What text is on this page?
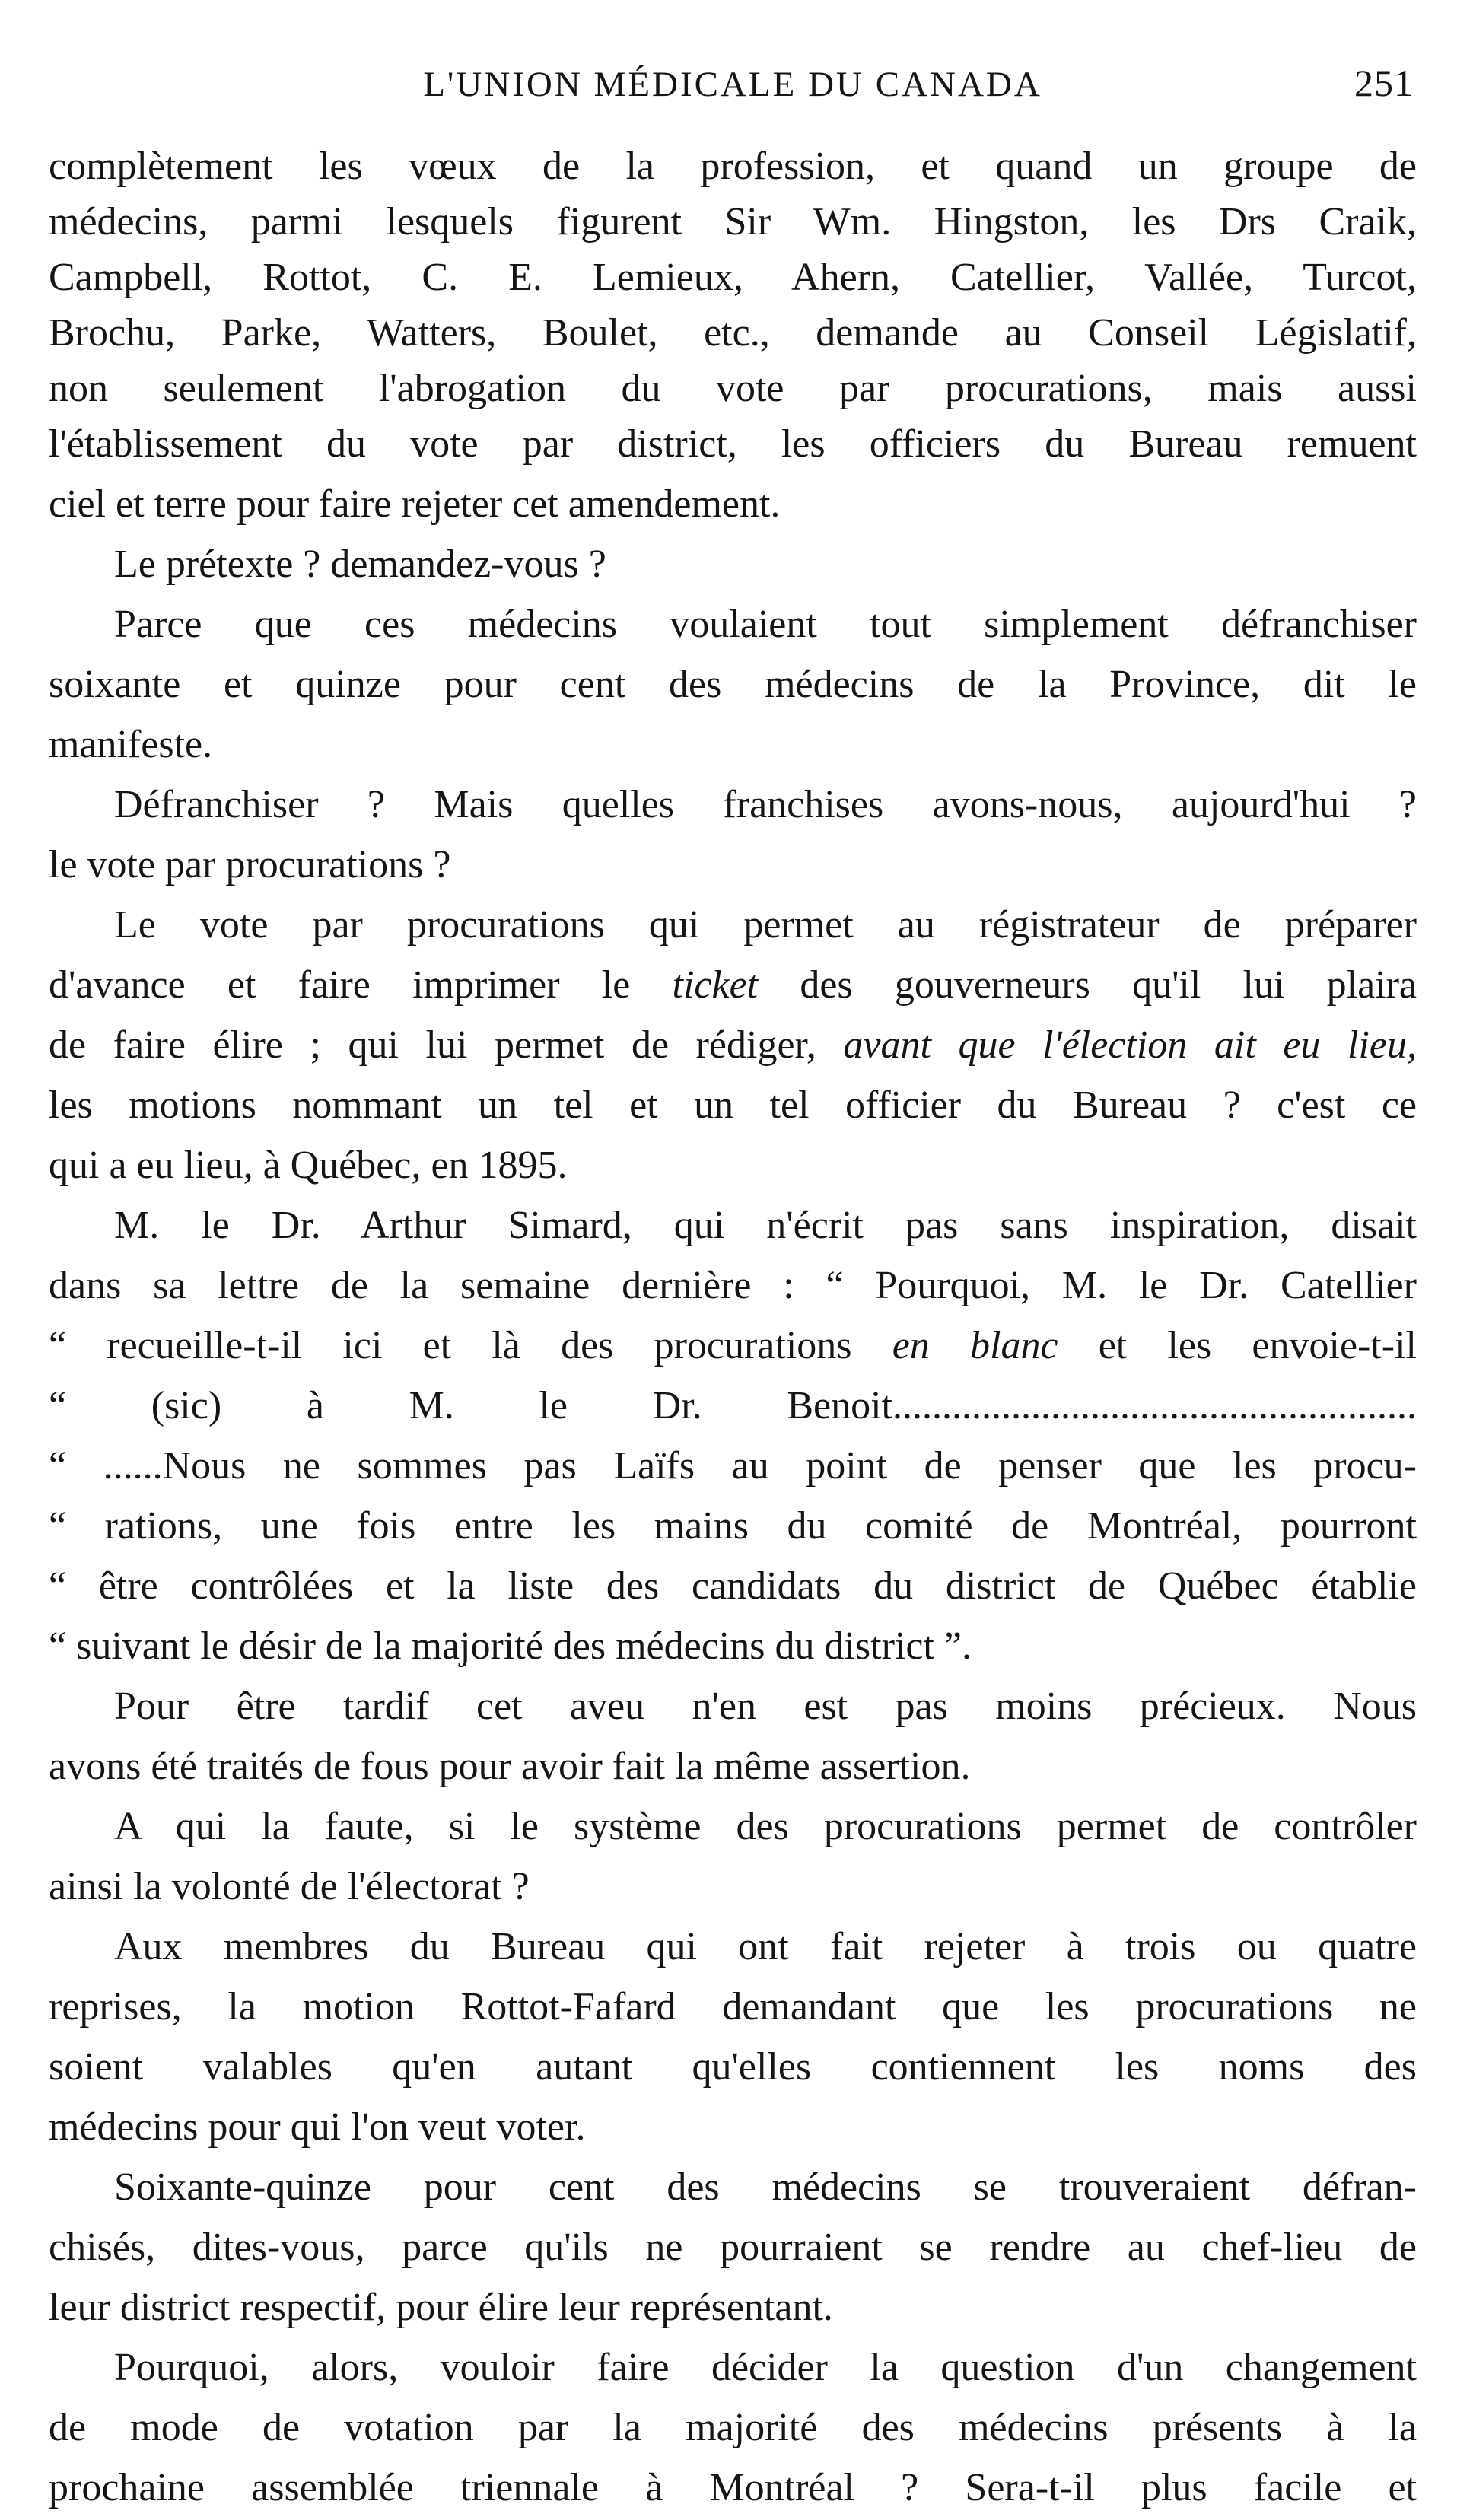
L'UNION MÉDICALE DU CANADA	251
complètement les vœux de la profession, et quand un groupe de
médecins, parmi lesquels figurent Sir Wm. Hingston, les Drs Craik,
Campbell, Rottot, C. E. Lemieux, Ahern, Catellier, Vallée, Turcot,
Brochu, Parke, Watters, Boulet, etc., demande au Conseil Législatif,
non seulement l'abrogation du vote par procurations, mais aussi
l'établissement du vote par district, les officiers du Bureau remuent
ciel et terre pour faire rejeter cet amendement.
Le prétexte ? demandez-vous ?
Parce que ces médecins voulaient tout simplement défranchiser
soixante et quinze pour cent des médecins de la Province, dit le
manifeste.
Défranchiser ? Mais quelles franchises avons-nous, aujourd'hui ?
le vote par procurations ?
Le vote par procurations qui permet au régistrateur de préparer
d'avance et faire imprimer le ticket des gouverneurs qu'il lui plaira
de faire élire ; qui lui permet de rédiger, avant que l'élection ait eu lieu,
les motions nommant un tel et un tel officier du Bureau ? c'est ce
qui a eu lieu, à Québec, en 1895.
M. le Dr. Arthur Simard, qui n'écrit pas sans inspiration, disait
dans sa lettre de la semaine dernière : “ Pourquoi, M. le Dr. Catellier
“ recueille-t-il ici et là des procurations en blanc et les envoie-t-il
“ (sic) à M. le Dr. Benoit.....................................................
“ ......Nous ne sommes pas Laïfs au point de penser que les procu-
“ rations, une fois entre les mains du comité de Montréal, pourront
“ être contrôlées et la liste des candidats du district de Québec établie
“ suivant le désir de la majorité des médecins du district ”.
Pour être tardif cet aveu n'en est pas moins précieux. Nous
avons été traités de fous pour avoir fait la même assertion.
A qui la faute, si le système des procurations permet de contrôler
ainsi la volonté de l'électorat ?
Aux membres du Bureau qui ont fait rejeter à trois ou quatre
reprises, la motion Rottot-Fafard demandant que les procurations ne
soient valables qu'en autant qu'elles contiennent les noms des
médecins pour qui l'on veut voter.
Soixante-quinze pour cent des médecins se trouveraient défran-
chisés, dites-vous, parce qu'ils ne pourraient se rendre au chef-lieu de
leur district respectif, pour élire leur représentant.
Pourquoi, alors, vouloir faire décider la question d'un changement
de mode de votation par la majorité des médecins présents à la
prochaine assemblée triennale à Montréal ? Sera-t-il plus facile et
